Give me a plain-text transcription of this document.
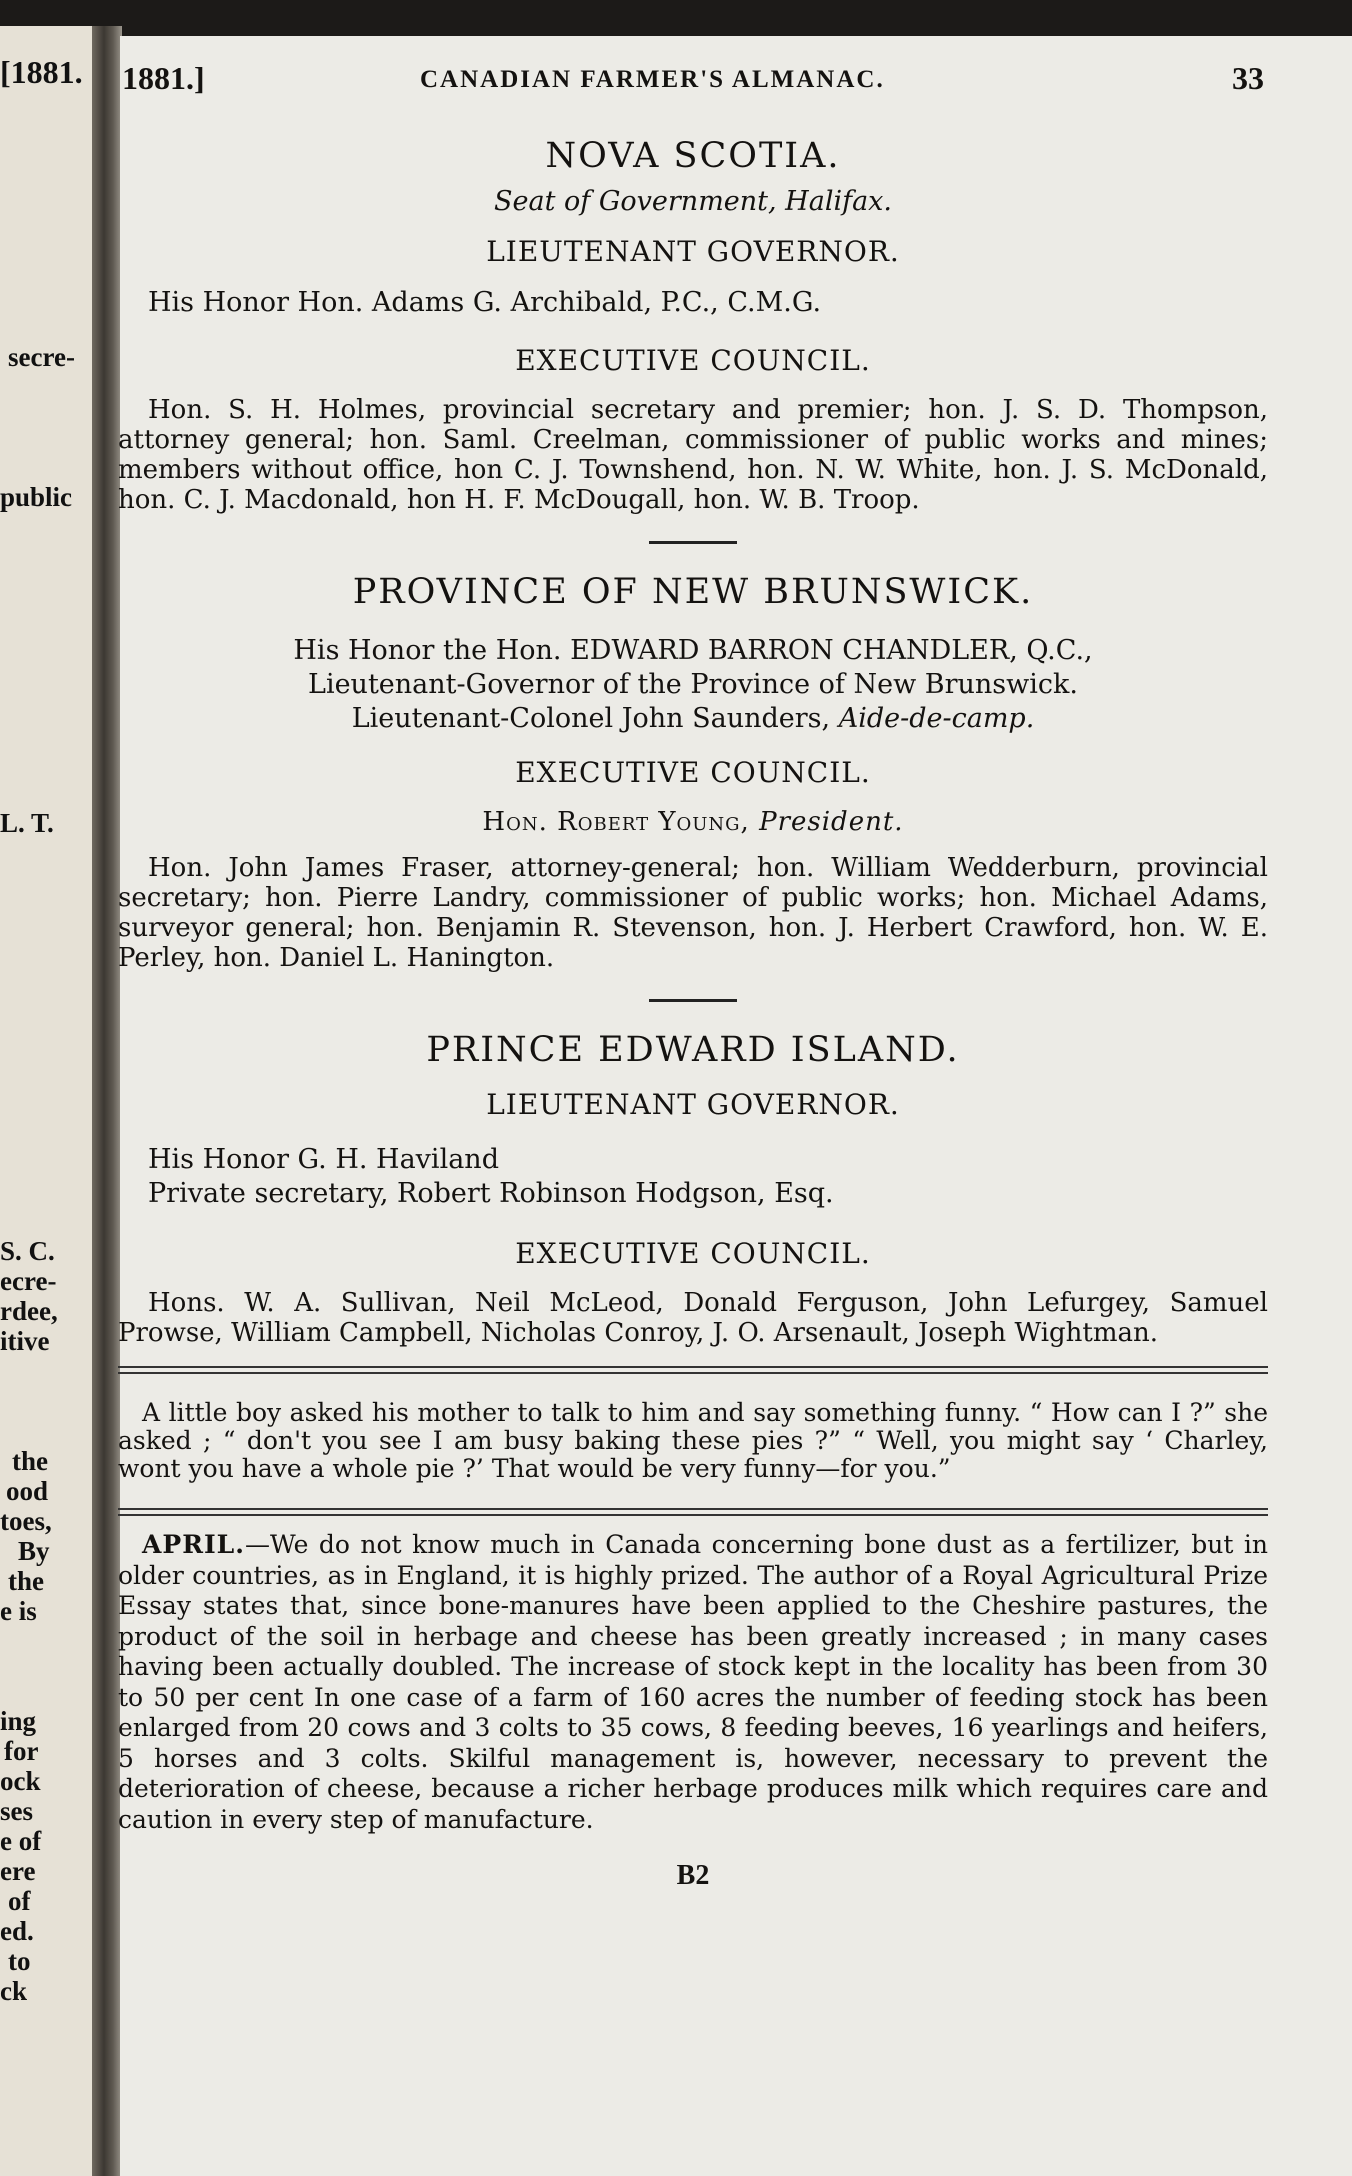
[1881.
secre-
public
L. T.
S. C.
ecre-
rdee,
itive
the
ood
toes,
By
the
e is
ing
for
ock
ses
e of
ere
of
ed.
to
ck
1881.]	CANADIAN FARMER'S ALMANAC.	33
NOVA SCOTIA.
Seat of Government, Halifax.
LIEUTENANT GOVERNOR.
His Honor Hon. Adams G. Archibald, P.C., C.M.G.
EXECUTIVE COUNCIL.

Hon. S. H. Holmes, provincial secretary and premier; hon. J. S. D. Thompson, attorney general; hon. Saml. Creelman, commissioner of public works and mines; members without office, hon C. J. Townshend, hon. N. W. White, hon. J. S. McDonald, hon. C. J. Macdonald, hon H. F. McDougall, hon. W. B. Troop.

PROVINCE OF NEW BRUNSWICK.
His Honor the Hon. EDWARD BARRON CHANDLER, Q.C.,
Lieutenant-Governor of the Province of New Brunswick.
Lieutenant-Colonel John Saunders, Aide-de-camp.
EXECUTIVE COUNCIL.
Hon. Robert Young, President.

Hon. John James Fraser, attorney-general; hon. William Wedderburn, provincial secretary; hon. Pierre Landry, commissioner of public works; hon. Michael Adams, surveyor general; hon. Benjamin R. Stevenson, hon. J. Herbert Crawford, hon. W. E. Perley, hon. Daniel L. Hanington.

PRINCE EDWARD ISLAND.
LIEUTENANT GOVERNOR.
His Honor G. H. Haviland
Private secretary, Robert Robinson Hodgson, Esq.
EXECUTIVE COUNCIL.

Hons. W. A. Sullivan, Neil McLeod, Donald Ferguson, John Lefurgey, Samuel Prowse, William Campbell, Nicholas Conroy, J. O. Arsenault, Joseph Wightman.

A little boy asked his mother to talk to him and say something funny. “ How can I ?” she asked ; “ don't you see I am busy baking these pies ?” “ Well, you might say ‘ Charley, wont you have a whole pie ?’ That would be very funny—for you.”

APRIL.—We do not know much in Canada concerning bone dust as a fertilizer, but in older countries, as in England, it is highly prized. The author of a Royal Agricultural Prize Essay states that, since bone-manures have been applied to the Cheshire pastures, the product of the soil in herbage and cheese has been greatly increased ; in many cases having been actually doubled. The increase of stock kept in the locality has been from 30 to 50 per cent In one case of a farm of 160 acres the number of feeding stock has been enlarged from 20 cows and 3 colts to 35 cows, 8 feeding beeves, 16 yearlings and heifers, 5 horses and 3 colts. Skilful management is, however, necessary to prevent the deterioration of cheese, because a richer herbage produces milk which requires care and caution in every step of manufacture.

B2
